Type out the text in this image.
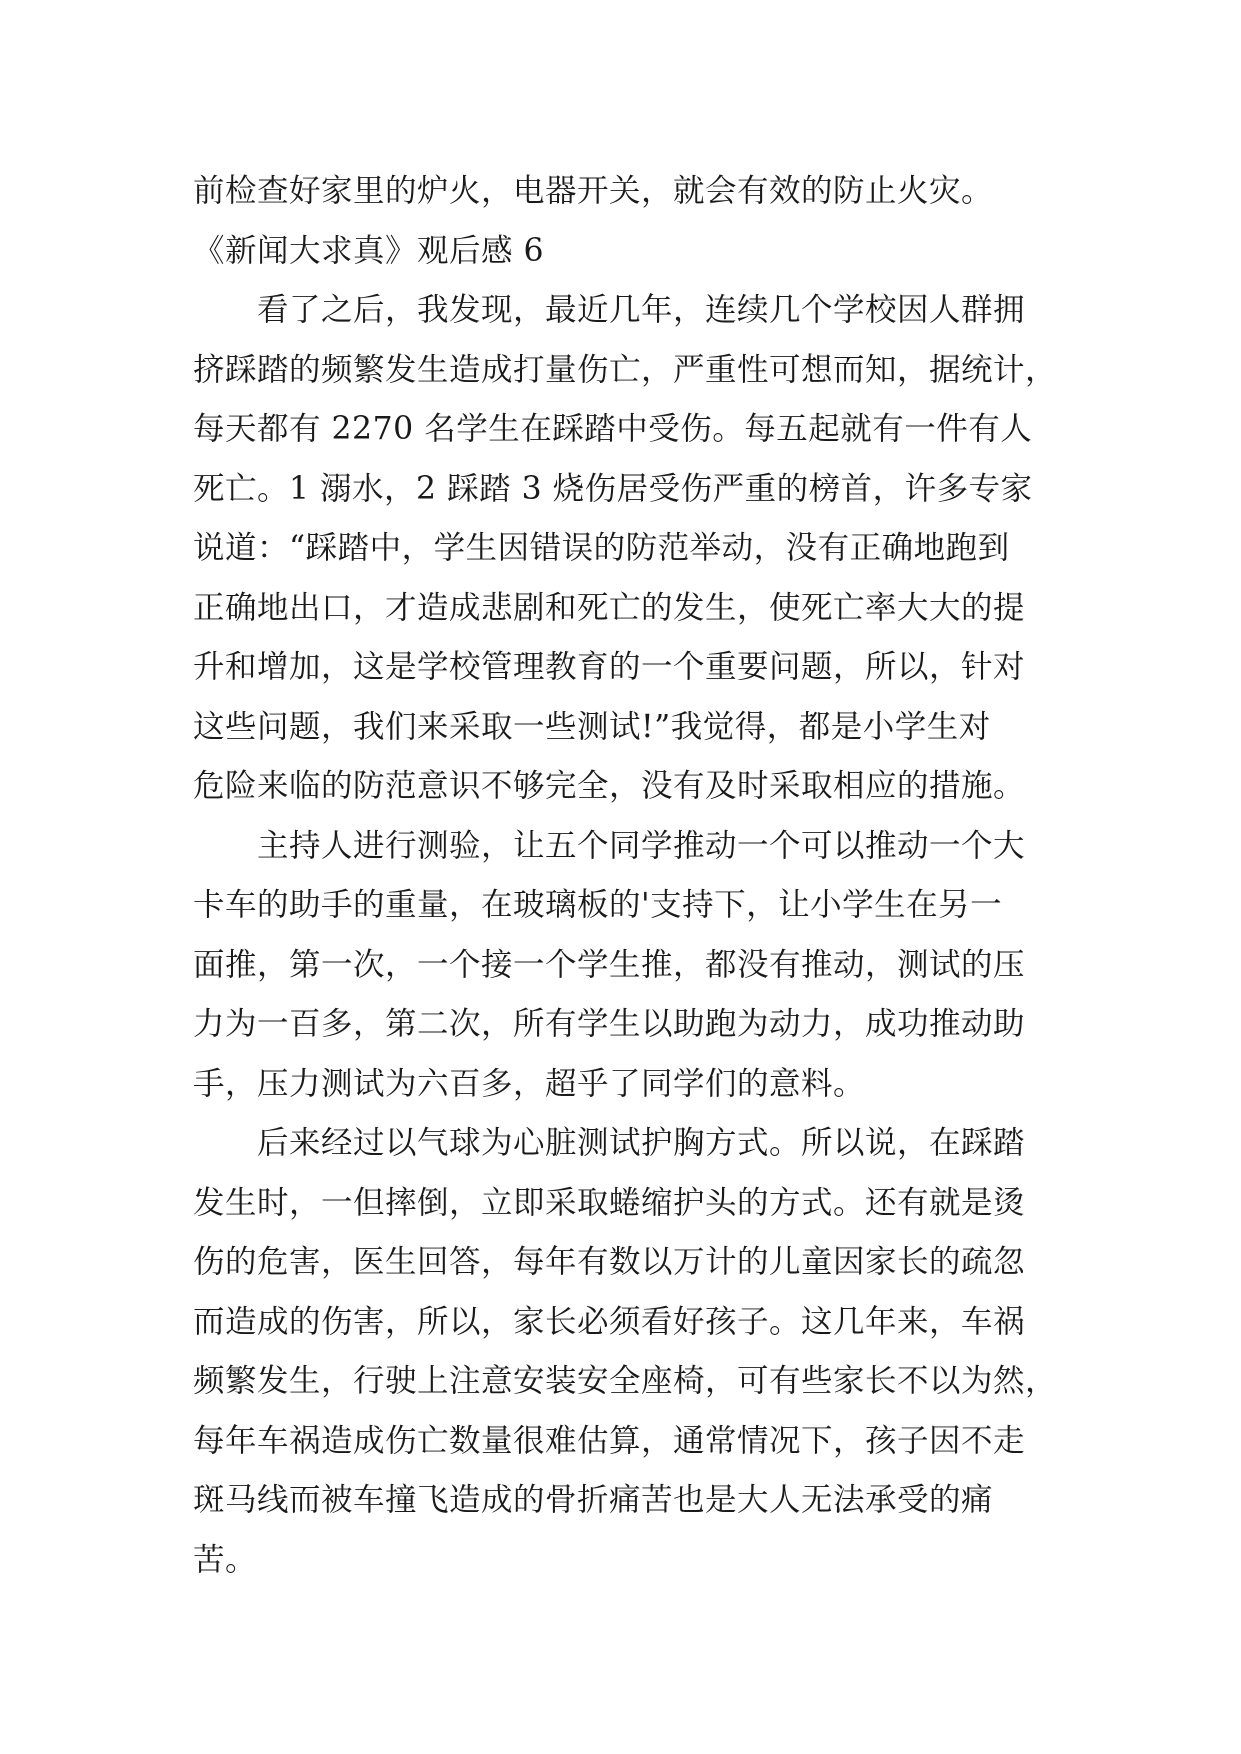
前检查好家里的炉火，电器开关，就会有效的防止火灾。
《新闻大求真》观后感 6
看了之后，我发现，最近几年，连续几个学校因人群拥
挤踩踏的频繁发生造成打量伤亡，严重性可想而知，据统计，
每天都有 2270 名学生在踩踏中受伤。每五起就有一件有人
死亡。1 溺水，2 踩踏 3 烧伤居受伤严重的榜首，许多专家
说道：“踩踏中，学生因错误的防范举动，没有正确地跑到
正确地出口，才造成悲剧和死亡的发生，使死亡率大大的提
升和增加，这是学校管理教育的一个重要问题，所以，针对
这些问题，我们来采取一些测试!”我觉得，都是小学生对
危险来临的防范意识不够完全，没有及时采取相应的措施。
主持人进行测验，让五个同学推动一个可以推动一个大
卡车的助手的重量，在玻璃板的'支持下，让小学生在另一
面推，第一次，一个接一个学生推，都没有推动，测试的压
力为一百多，第二次，所有学生以助跑为动力，成功推动助
手，压力测试为六百多，超乎了同学们的意料。
后来经过以气球为心脏测试护胸方式。所以说，在踩踏
发生时，一但摔倒，立即采取蜷缩护头的方式。还有就是烫
伤的危害，医生回答，每年有数以万计的儿童因家长的疏忽
而造成的伤害，所以，家长必须看好孩子。这几年来，车祸
频繁发生，行驶上注意安装安全座椅，可有些家长不以为然，
每年车祸造成伤亡数量很难估算，通常情况下，孩子因不走
斑马线而被车撞飞造成的骨折痛苦也是大人无法承受的痛
苦。
